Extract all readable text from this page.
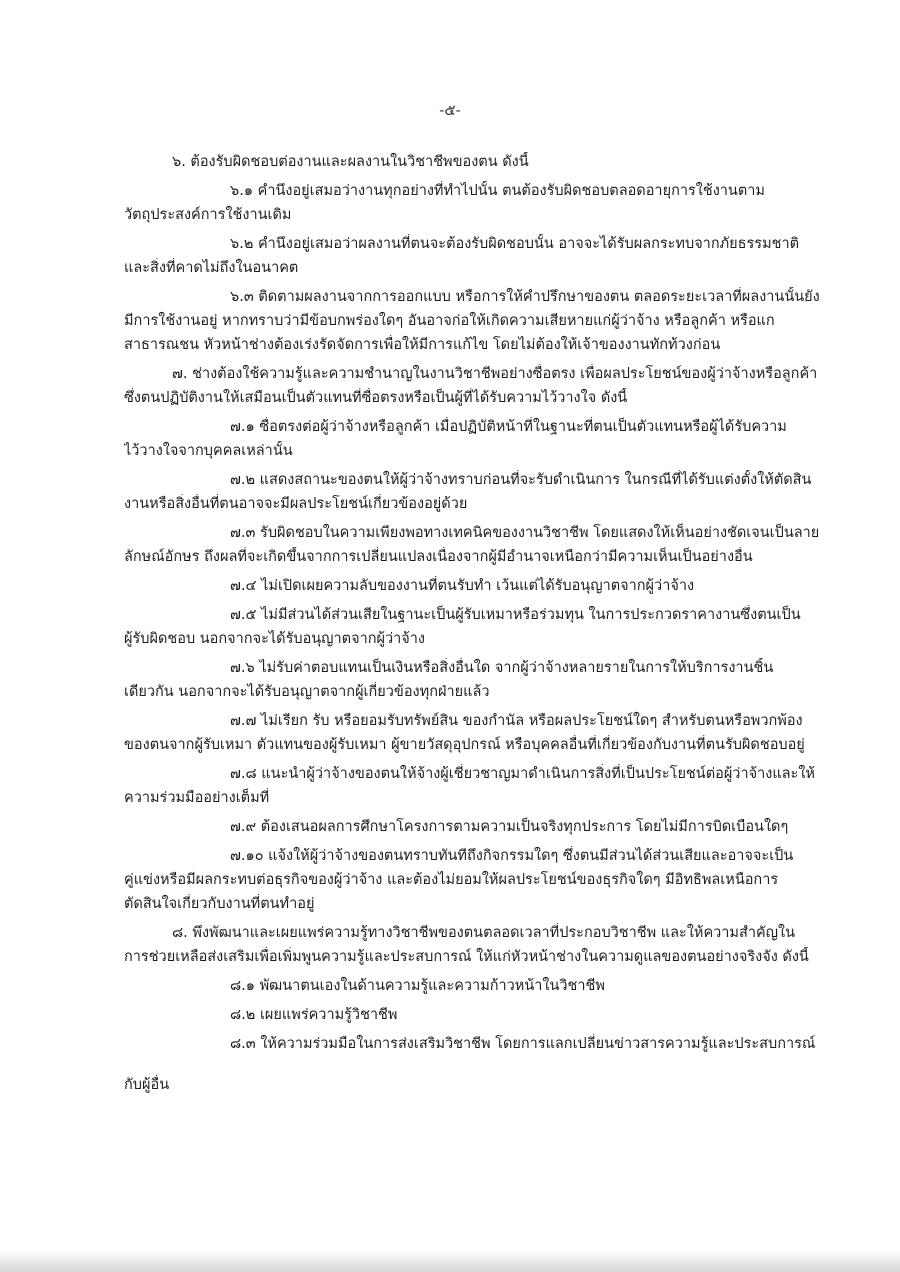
-๕-
๖. ต้องรับผิดชอบต่องานและผลงานในวิชาชีพของตน ดังนี้
๖.๑ คำนึงอยู่เสมอว่างานทุกอย่างที่ทำไปนั้น ตนต้องรับผิดชอบตลอดอายุการใช้งานตาม
วัตถุประสงค์การใช้งานเดิม
๖.๒ คำนึงอยู่เสมอว่าผลงานที่ตนจะต้องรับผิดชอบนั้น อาจจะได้รับผลกระทบจากภัยธรรมชาติ
และสิ่งที่คาดไม่ถึงในอนาคต
๖.๓ ติดตามผลงานจากการออกแบบ หรือการให้คำปรึกษาของตน ตลอดระยะเวลาที่ผลงานนั้นยัง
มีการใช้งานอยู่ หากทราบว่ามีข้อบกพร่องใดๆ อันอาจก่อให้เกิดความเสียหายแก่ผู้ว่าจ้าง หรือลูกค้า หรือแก
สาธารณชน หัวหน้าช่างต้องเร่งรัดจัดการเพื่อให้มีการแก้ไข โดยไม่ต้องให้เจ้าของงานทักท้วงก่อน
๗. ช่างต้องใช้ความรู้และความชำนาญในงานวิชาชีพอย่างซื่อตรง เพื่อผลประโยชน์ของผู้ว่าจ้างหรือลูกค้า
ซึ่งตนปฏิบัติงานให้เสมือนเป็นตัวแทนที่ซื่อตรงหรือเป็นผู้ที่ได้รับความไว้วางใจ ดังนี้
๗.๑ ซื่อตรงต่อผู้ว่าจ้างหรือลูกค้า เมื่อปฏิบัติหน้าที่ในฐานะที่ตนเป็นตัวแทนหรือผู้ได้รับความ
ไว้วางใจจากบุคคลเหล่านั้น
๗.๒ แสดงสถานะของตนให้ผู้ว่าจ้างทราบก่อนที่จะรับดำเนินการ ในกรณีที่ได้รับแต่งตั้งให้ตัดสิน
งานหรือสิ่งอื่นที่ตนอาจจะมีผลประโยชน์เกี่ยวข้องอยู่ด้วย
๗.๓ รับผิดชอบในความเพียงพอทางเทคนิคของงานวิชาชีพ โดยแสดงให้เห็นอย่างชัดเจนเป็นลาย
ลักษณ์อักษร ถึงผลที่จะเกิดขึ้นจากการเปลี่ยนแปลงเนื่องจากผู้มีอำนาจเหนือกว่ามีความเห็นเป็นอย่างอื่น
๗.๔ ไม่เปิดเผยความลับของงานที่ตนรับทำ เว้นแต่ได้รับอนุญาตจากผู้ว่าจ้าง
๗.๕ ไม่มีส่วนได้ส่วนเสียในฐานะเป็นผู้รับเหมาหรือร่วมทุน ในการประกวดราคางานซึ่งตนเป็น
ผู้รับผิดชอบ นอกจากจะได้รับอนุญาตจากผู้ว่าจ้าง
๗.๖ ไม่รับค่าตอบแทนเป็นเงินหรือสิ่งอื่นใด จากผู้ว่าจ้างหลายรายในการให้บริการงานชิ้น
เดียวกัน นอกจากจะได้รับอนุญาตจากผู้เกี่ยวข้องทุกฝ่ายแล้ว
๗.๗ ไม่เรียก รับ หรือยอมรับทรัพย์สิน ของกำนัล หรือผลประโยชน์ใดๆ สำหรับตนหรือพวกพ้อง
ของตนจากผู้รับเหมา ตัวแทนของผู้รับเหมา ผู้ขายวัสดุอุปกรณ์ หรือบุคคลอื่นที่เกี่ยวข้องกับงานที่ตนรับผิดชอบอยู่
๗.๘ แนะนำผู้ว่าจ้างของตนให้จ้างผู้เชี่ยวชาญมาดำเนินการสิ่งที่เป็นประโยชน์ต่อผู้ว่าจ้างและให้
ความร่วมมืออย่างเต็มที่
๗.๙ ต้องเสนอผลการศึกษาโครงการตามความเป็นจริงทุกประการ โดยไม่มีการบิดเบือนใดๆ
๗.๑๐ แจ้งให้ผู้ว่าจ้างของตนทราบทันทีถึงกิจกรรมใดๆ ซึ่งตนมีส่วนได้ส่วนเสียและอาจจะเป็น
คู่แข่งหรือมีผลกระทบต่อธุรกิจของผู้ว่าจ้าง และต้องไม่ยอมให้ผลประโยชน์ของธุรกิจใดๆ มีอิทธิพลเหนือการ
ตัดสินใจเกี่ยวกับงานที่ตนทำอยู่
๘. พึงพัฒนาและเผยแพร่ความรู้ทางวิชาชีพของตนตลอดเวลาที่ประกอบวิชาชีพ และให้ความสำคัญใน
การช่วยเหลือส่งเสริมเพื่อเพิ่มพูนความรู้และประสบการณ์ ให้แก่หัวหน้าช่างในความดูแลของตนอย่างจริงจัง ดังนี้
๘.๑ พัฒนาตนเองในด้านความรู้และความก้าวหน้าในวิชาชีพ
๘.๒ เผยแพร่ความรู้วิชาชีพ
๘.๓ ให้ความร่วมมือในการส่งเสริมวิชาชีพ โดยการแลกเปลี่ยนข่าวสารความรู้และประสบการณ์
กับผู้อื่น
